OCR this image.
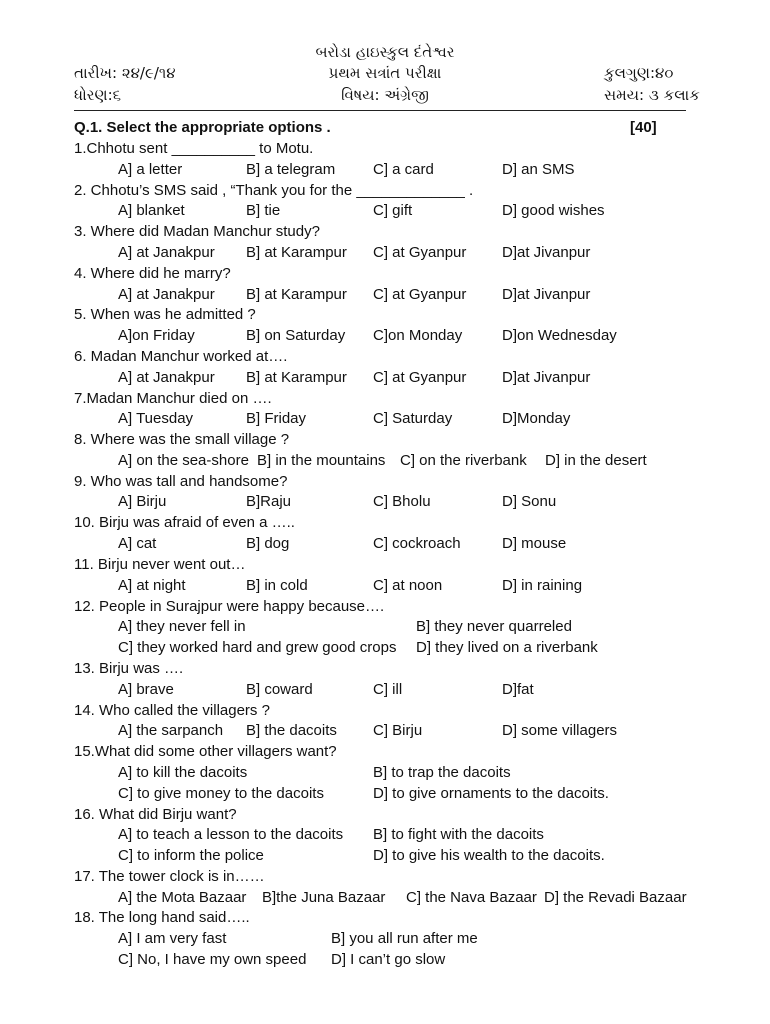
બરોડા હાઇસ્કુલ દંતેશ્વર
તારીખ: ૨૪/૯/૧૪	પ્રથમ સત્રાંત પરીક્ષા	કુલગુણ:૪૦
ધોરણ:૬	વિષય: અંગ્રેજી	સમય: ૩ કલાક
Q.1. Select the appropriate options .	[40]
1.Chhotu sent __________ to Motu.
A] a letter	B] a telegram	C] a card	D] an SMS
2. Chhotu’s SMS said , “Thank you for the _____________ .
A] blanket	B] tie	C] gift	D] good wishes
3. Where did Madan Manchur study?
A] at Janakpur B] at Karampur C] at Gyanpur D]at Jivanpur
4. Where did he marry?
A] at Janakpur B] at Karampur C] at Gyanpur D]at Jivanpur
5. When was he admitted ?
A]on Friday	B] on Saturday C]on Monday	D]on Wednesday
6. Madan Manchur worked at….
A] at Janakpur B] at Karampur C] at Gyanpur D]at Jivanpur
7.Madan Manchur died on ….
A] Tuesday	B] Friday	C] Saturday	D]Monday
8. Where was the small village ?
A] on the sea-shore B] in the mountains C] on the riverbank D] in the desert
9. Who was tall and handsome?
A] Birju	B]Raju	C] Bholu	D] Sonu
10. Birju was afraid of even a …..
A] cat	B] dog	C] cockroach	D] mouse
11. Birju never went out…
A] at night	B] in cold	C] at noon	D] in raining
12. People in Surajpur were happy because….
A] they never fell in	B] they never quarreled
C] they worked hard and grew good crops D] they lived on a riverbank
13. Birju was ….
A] brave	B] coward	C] ill	D]fat
14. Who called the villagers ?
A] the sarpanch B] the dacoits C] Birju	D] some villagers
15.What did some other villagers want?
A] to kill the dacoits	B] to trap the dacoits
C] to give money to the dacoits	D] to give ornaments to the dacoits.
16. What did Birju want?
A] to teach a lesson to the dacoits B] to fight with the dacoits
C] to inform the police	D] to give his wealth to the dacoits.
17. The tower clock is in……
A] the Mota Bazaar B]the Juna Bazaar C] the Nava Bazaar D] the Revadi Bazaar
18. The long hand said…..
A] I am very fast	B] you all run after me
C] No, I have my own speed D] I can’t go slow
